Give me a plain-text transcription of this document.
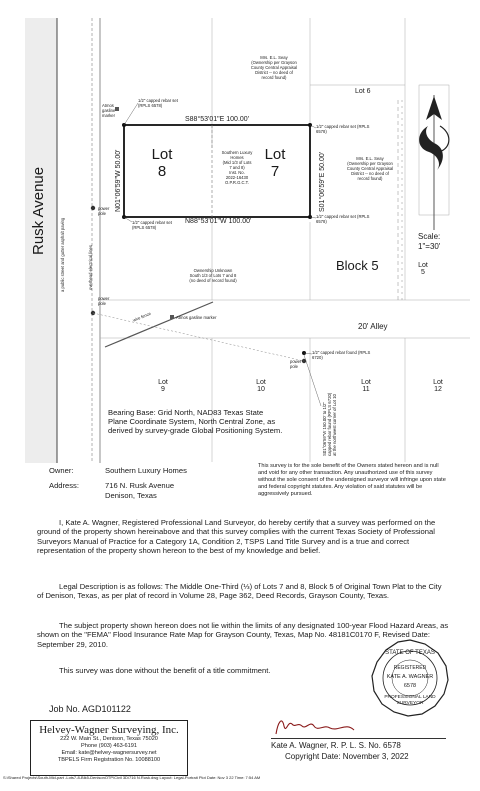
Rusk Avenue	a public street and gutter asphalt paving	overhead electrical lines
Lot
8
Lot
7
S88°53'01"E 100.00'
N88°53'01"W 100.00'
N01°06'59"W 50.00'	S01°06'59"E 50.00'
Southern Luxury
Homes
(Mid 1/3 of Lots
7 and 8)
Inst. No.
2022-16430
O.P.R.G.C.T.
Mrs. E.L. Seay
(Ownership per Grayson
County Central Appraisal
District -- no deed of
record found)
Mrs. E.L. Seay
(Ownership per Grayson
County Central Appraisal
District -- no deed of
record found)
Ownership Unknown
South 1/3 of Lots 7 and 8
(no deed of record found)
1/2" capped rebar set (RPLS 6578)
1/2" capped rebar set (RPLS 6578)
1/2" capped rebar set (RPLS 6578)
1/2" capped rebar set (RPLS 6578)
1/2" capped rebar found (RPLS 6720)
Atmos gasline marker
Atmos gasline marker
power pole
power pole
power pole
wire fence
Lot 6
Block 5	Lot 5
20' Alley
Lot 9
Lot 10
Lot 11
Lot 12
Scale:
1"=30'
S01°06'59"W 150.00' to 1/2" capped rebar found (RPLS 6720) at the northwest corner of Lot 10
Bearing Base: Grid North, NAD83 Texas State Plane Coordinate System, North Central Zone, as derived by survey-grade Global Positioning System.
Owner:	Southern Luxury Homes
Address:	716 N. Rusk Avenue
Denison, Texas
This survey is for the sole benefit of the Owners stated hereon and is null and void for any other transaction. Any unauthorized use of this survey without the sole consent of the undersigned surveyor will infringe upon state and federal copyright statutes. Any violation of said statutes will be aggressively pursued.
I, Kate A. Wagner, Registered Professional Land Surveyor, do hereby certify that a survey was performed on the ground of the property shown hereinabove and that this survey complies with the current Texas Society of Professional Surveyors Manual of Practice for a Category 1A, Condition 2, TSPS Land Title Survey and is a true and correct representation of the property shown hereon to the best of my knowledge and belief.
Legal Description is as follows: The Middle One-Third (⅓) of Lots 7 and 8, Block 5 of Original Town Plat to the City of Denison, Texas, as per plat of record in Volume 28, Page 362, Deed Records, Grayson County, Texas.
The subject property shown hereon does not lie within the limits of any designated 100-year Flood Hazard Areas, as shown on the "FEMA" Flood Insurance Rate Map for Grayson County, Texas, Map No. 48181C0170 F, Revised Date: September 29, 2010.
This survey was done without the benefit of a title commitment.
STATE OF TEXAS
REGISTERED
KATE A. WAGNER
6578
PROFESSIONAL LAND SURVEYOR
Job No. AGD101122
Helvey-Wagner Surveying, Inc.
222 W. Main St., Denison, Texas 75020
Phone (903) 463-6191
Email: kate@helvey-wagnersurvey.net
TBPELS Firm Registration No. 10088100
Kate A. Wagner, R. P. L. S. No. 6578
Copyright Date: November 3, 2022
S:\Shared Projects\South-Mid-part -Lots7-8-Blk5-DenisonOTP\Civil 3D\716 N.Rusk.dwg Layout: Legal-Portrait Plot Date: Nov 3 22 Time: 7:54 AM
